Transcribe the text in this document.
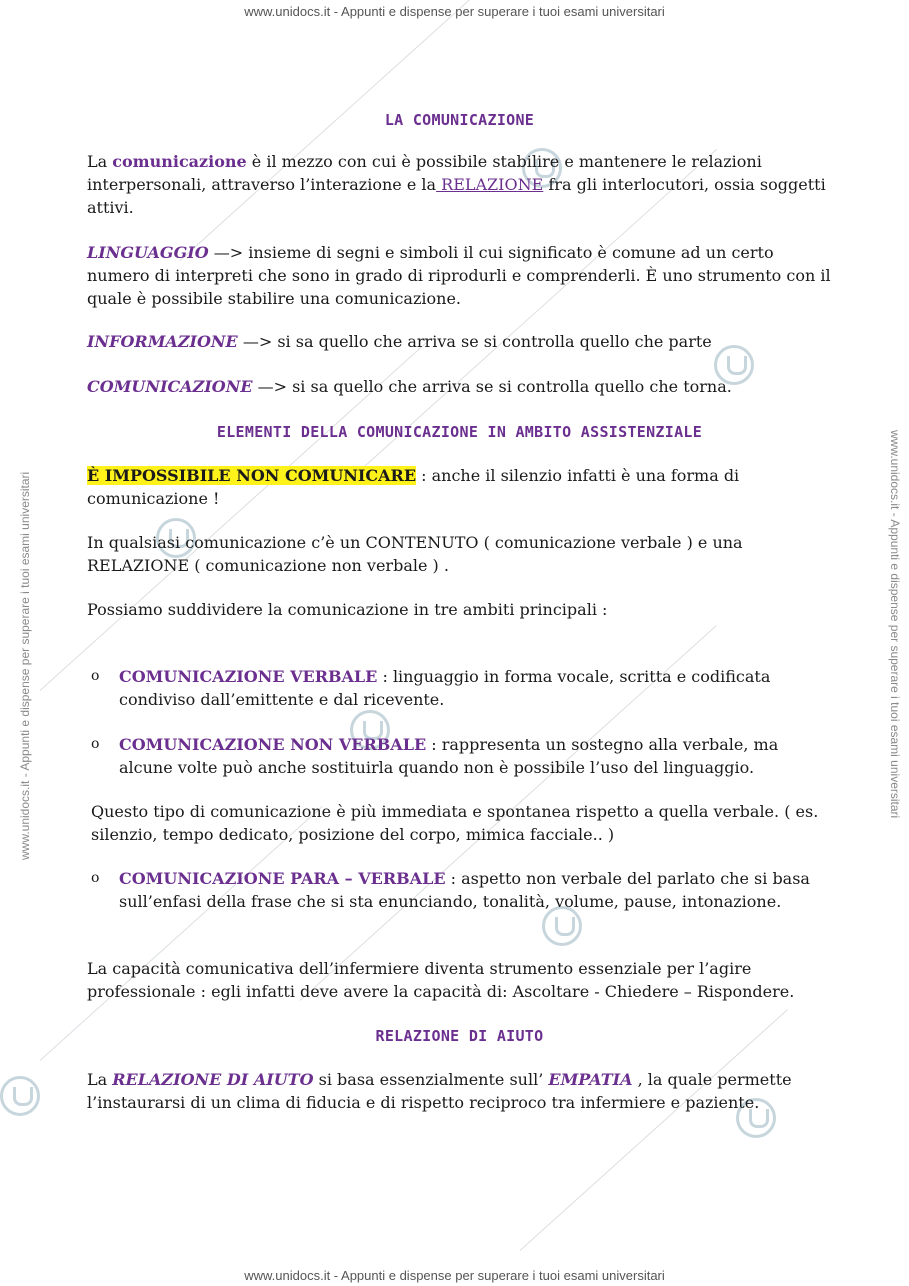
www.unidocs.it - Appunti e dispense per superare i tuoi esami universitari
www.unidocs.it - Appunti e dispense per superare i tuoi esami universitari
www.unidocs.it - Appunti e dispense per superare i tuoi esami universitari	www.unidocs.it - Appunti e dispense per superare i tuoi esami universitari
LA COMUNICAZIONE

La comunicazione è il mezzo con cui è possibile stabilire e mantenere le relazioni interpersonali, attraverso l’interazione e la RELAZIONE fra gli interlocutori, ossia soggetti attivi.

LINGUAGGIO —> insieme di segni e simboli il cui significato è comune ad un certo numero di interpreti che sono in grado di riprodurli e comprenderli. È uno strumento con il quale è possibile stabilire una comunicazione.

INFORMAZIONE —> si sa quello che arriva se si controlla quello che parte

COMUNICAZIONE —> si sa quello che arriva se si controlla quello che torna.

ELEMENTI DELLA COMUNICAZIONE IN AMBITO ASSISTENZIALE

È IMPOSSIBILE NON COMUNICARE : anche il silenzio infatti è una forma di comunicazione !

In qualsiasi comunicazione c’è un CONTENUTO ( comunicazione verbale ) e una RELAZIONE ( comunicazione non verbale ) .

Possiamo suddividere la comunicazione in tre ambiti principali :

o COMUNICAZIONE VERBALE : linguaggio in forma vocale, scritta e codificata condiviso dall’emittente e dal ricevente.

o COMUNICAZIONE NON VERBALE : rappresenta un sostegno alla verbale, ma alcune volte può anche sostituirla quando non è possibile l’uso del linguaggio.

Questo tipo di comunicazione è più immediata e spontanea rispetto a quella verbale. ( es. silenzio, tempo dedicato, posizione del corpo, mimica facciale.. )

o COMUNICAZIONE PARA – VERBALE : aspetto non verbale del parlato che si basa sull’enfasi della frase che si sta enunciando, tonalità, volume, pause, intonazione.

La capacità comunicativa dell’infermiere diventa strumento essenziale per l’agire professionale : egli infatti deve avere la capacità di: Ascoltare - Chiedere – Rispondere.

RELAZIONE DI AIUTO

La RELAZIONE DI AIUTO si basa essenzialmente sull’ EMPATIA , la quale permette l’instaurarsi di un clima di fiducia e di rispetto reciproco tra infermiere e paziente.
